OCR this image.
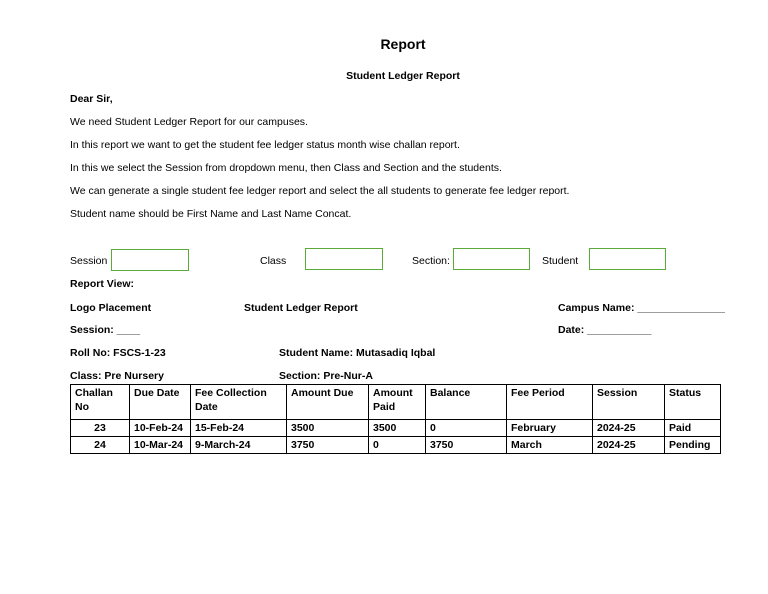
Report
Student Ledger Report
Dear Sir,
We need Student Ledger Report for our campuses.
In this report we want to get the student fee ledger status month wise challan report.
In this we select the Session from dropdown menu, then Class and Section and the students.
We can generate a single student fee ledger report and select the all students to generate fee ledger report.
Student name should be First Name and Last Name Concat.
Session	Class	Section:	Student
Report View:
Logo Placement	Student Ledger Report	Campus Name: _______________
Session: ____	Date: ___________
Roll No: FSCS-1-23	Student Name: Mutasadiq Iqbal
Class: Pre Nursery	Section: Pre-Nur-A
Challan No	Due Date	Fee Collection Date	Amount Due	Amount Paid	Balance	Fee Period	Session	Status
23	10-Feb-24	15-Feb-24	3500	3500	0	February	2024-25	Paid
24	10-Mar-24	9-March-24	3750	0	3750	March	2024-25	Pending
